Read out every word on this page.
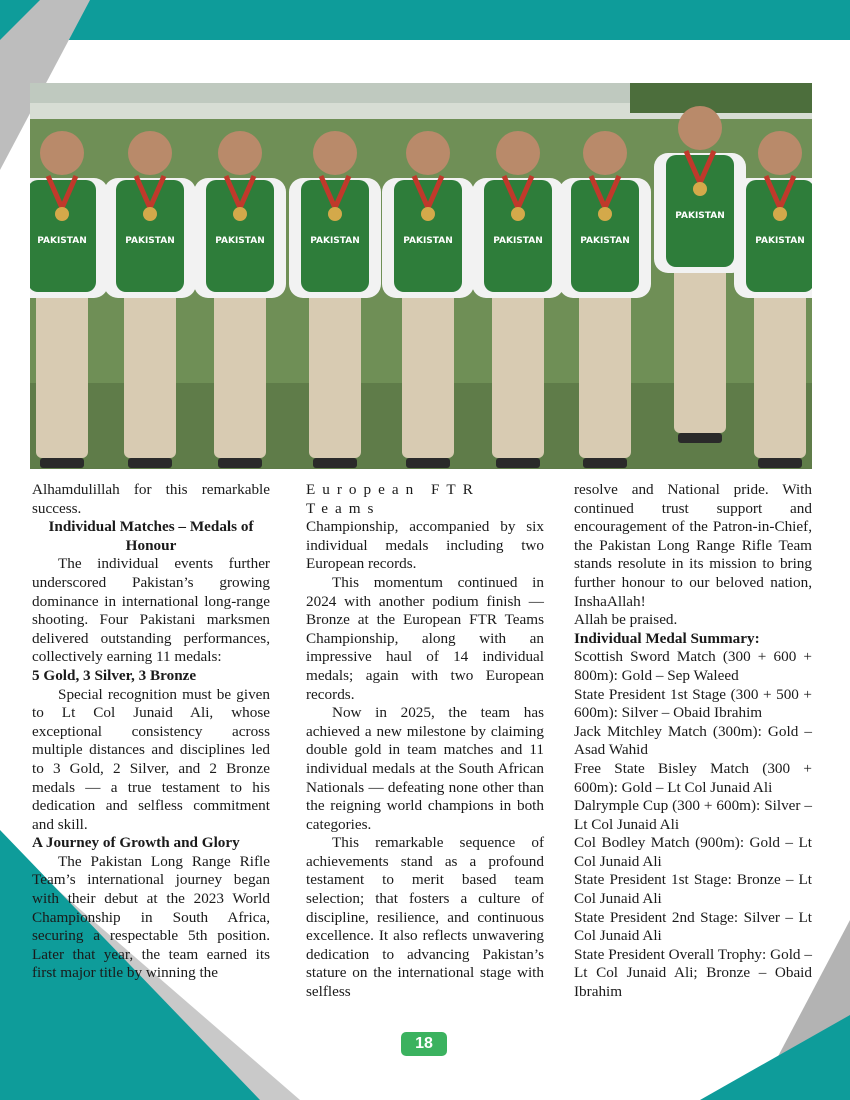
PAKISTAN	PAKISTAN	PAKISTAN	PAKISTAN	PAKISTAN	PAKISTAN	PAKISTAN
PAKISTAN
PAKISTAN

Alhamdulillah for this remarkable success.

Individual Matches – Medals of Honour

The individual events further underscored Pakistan’s growing dominance in international long-range shooting. Four Pakistani marksmen delivered outstanding performances, collectively earning 11 medals:

5 Gold, 3 Silver, 3 Bronze

Special recognition must be given to Lt Col Junaid Ali, whose exceptional consistency across multiple distances and disciplines led to 3 Gold, 2 Silver, and 2 Bronze medals — a true testament to his dedication and selfless commitment and skill.

A Journey of Growth and Glory

The Pakistan Long Range Rifle Team’s international journey began with their debut at the 2023 World Championship in South Africa, securing a respectable 5th position. Later that year, the team earned its first major title by winning the

European FTR Teams

Championship, accompanied by six individual medals including two European records.

This momentum continued in 2024 with another podium finish — Bronze at the European FTR Teams Championship, along with an impressive haul of 14 individual medals; again with two European records.

Now in 2025, the team has achieved a new milestone by claiming double gold in team matches and 11 individual medals at the South African Nationals — defeating none other than the reigning world champions in both categories.

This remarkable sequence of achievements stand as a profound testament to merit based team selection; that fosters a culture of discipline, resilience, and continuous excellence. It also reflects unwavering dedication to advancing Pakistan’s stature on the international stage with selfless

resolve and National pride. With continued trust support and encouragement of the Patron-in-Chief, the Pakistan Long Range Rifle Team stands resolute in its mission to bring further honour to our beloved nation, InshaAllah!

Allah be praised.

Individual Medal Summary:

Scottish Sword Match (300 + 600 + 800m): Gold – Sep Waleed

State President 1st Stage (300 + 500 + 600m): Silver – Obaid Ibrahim

Jack Mitchley Match (300m): Gold – Asad Wahid

Free State Bisley Match (300 + 600m): Gold – Lt Col Junaid Ali

Dalrymple Cup (300 + 600m): Silver – Lt Col Junaid Ali

Col Bodley Match (900m): Gold – Lt Col Junaid Ali

State President 1st Stage: Bronze – Lt Col Junaid Ali

State President 2nd Stage: Silver – Lt Col Junaid Ali

State President Overall Trophy: Gold – Lt Col Junaid Ali; Bronze – Obaid Ibrahim

18
